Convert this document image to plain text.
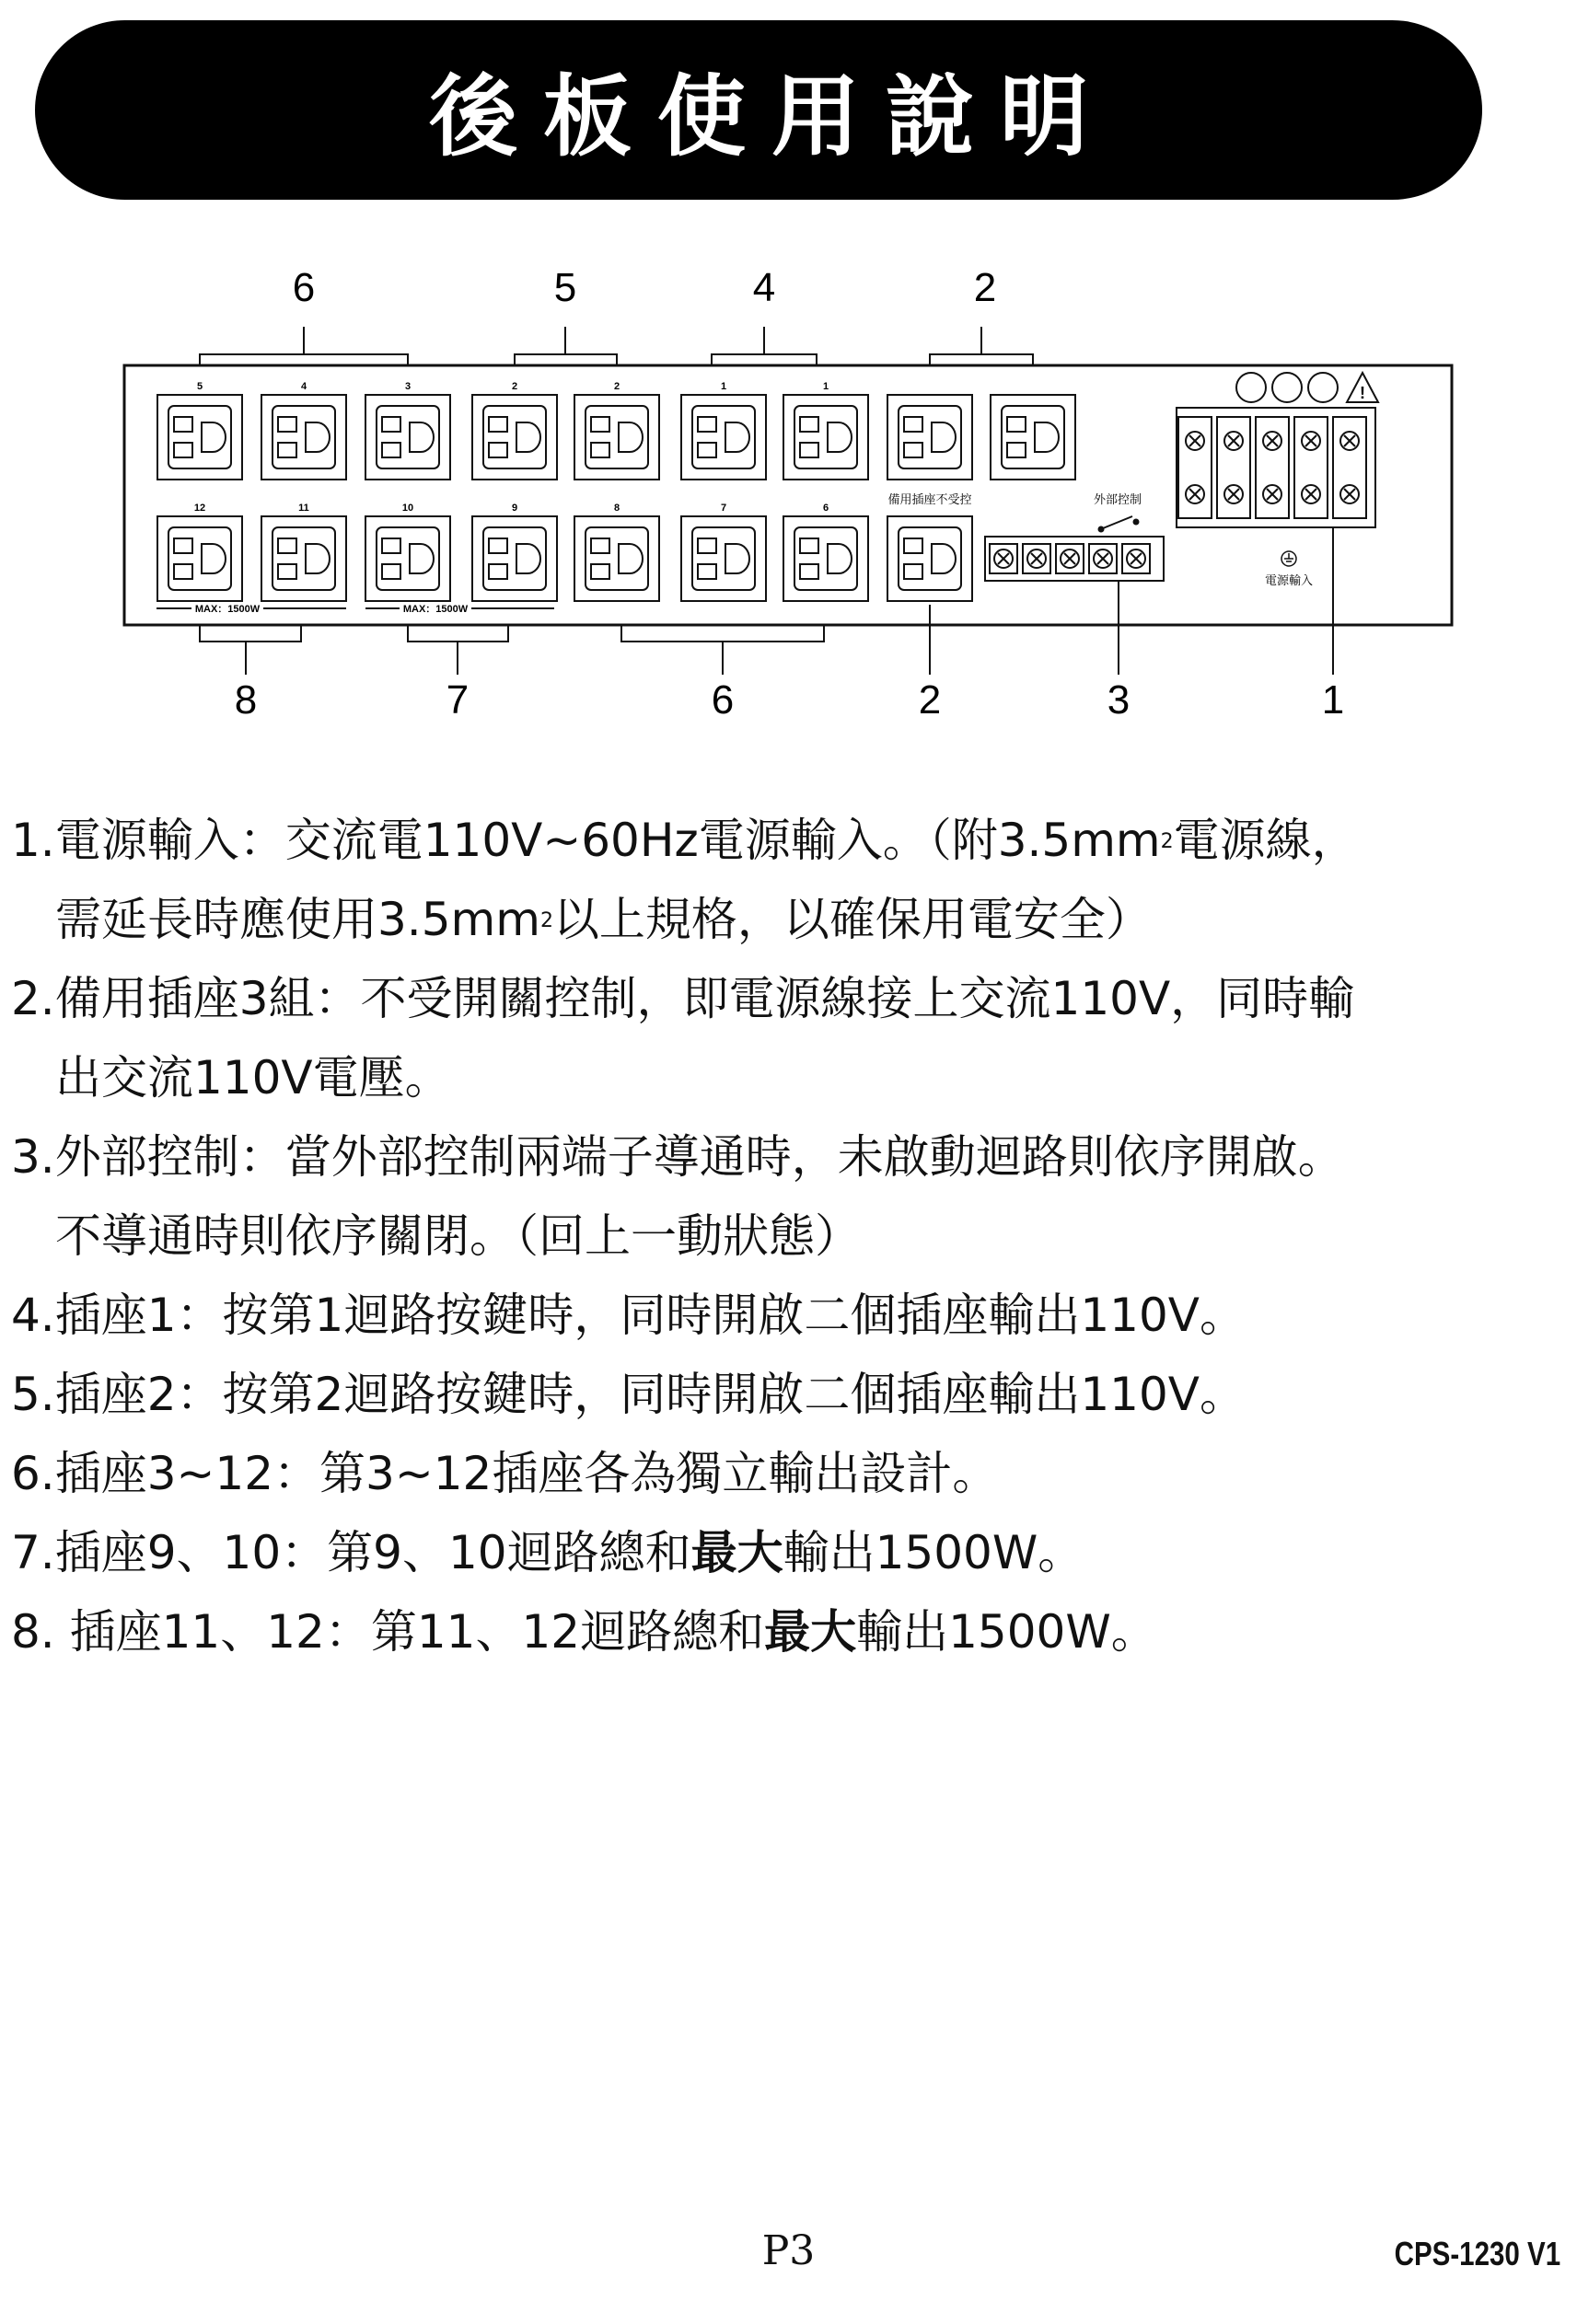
後板使用說明
6	5	4	2
5	4	3	2	2	1	1
12	11	10	9	8	7	6
MAX：1500W	MAX：1500W
備用插座不受控	外部控制
電源輸入
!
8	7	6	2	3	1
1.電源輸入：交流電110V~60Hz電源輸入。（附$3.5mm^2$電源線，
需延長時應使用$3.5mm^2$以上規格，以確保用電安全）
2.備用插座3組：不受開關控制，即電源線接上交流110V，同時輸
出交流110V電壓。
3.外部控制：當外部控制兩端子導通時，未啟動迴路則依序開啟。
不導通時則依序關閉。（回上一動狀態）
4.插座1：按第1迴路按鍵時，同時開啟二個插座輸出110V。
5.插座2：按第2迴路按鍵時，同時開啟二個插座輸出110V。
6.插座3~12：第3~12插座各為獨立輸出設計。
7.插座9、10：第9、10迴路總和最大輸出1500W。
8. 插座11、12：第11、12迴路總和最大輸出1500W。
P3	CPS-1230 V1
